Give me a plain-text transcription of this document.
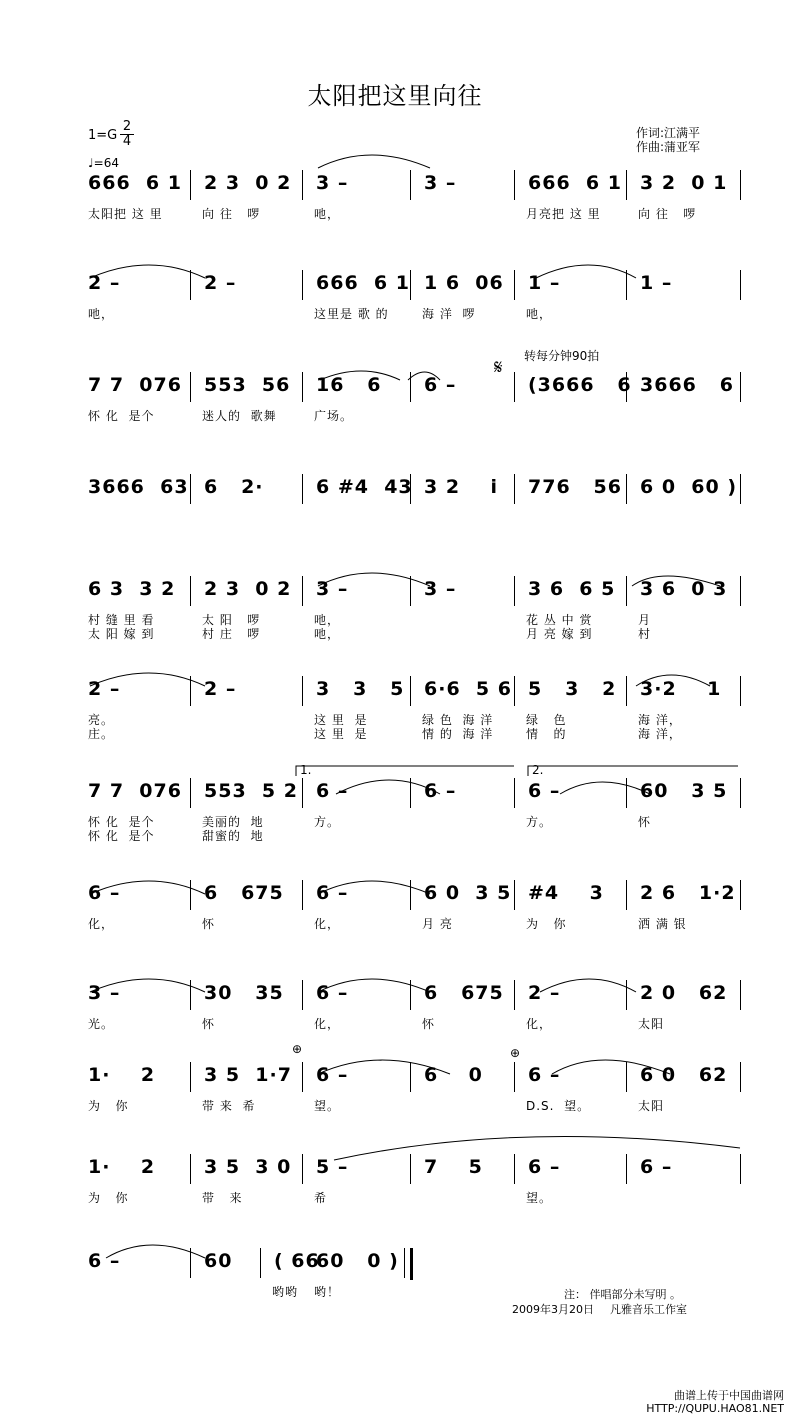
太阳把这里向往
1=G
2
4
♩=64
作词:江满平
作曲:蒲亚军
转每分钟90拍
𝄋
666  6 1 2 3  0 2 3 –	3 –	666  6 1 3 2  0 1
太阳把 这 里	向 往   啰	吔，	月亮把 这 里	向 往   啰
2 –	2 –	666  6 1 1 6  06 1 –	1 –
吔，	这里是 歌 的	海 洋  啰	吔，
7 7  076 553  56 16   6 6 –	(3666   6 3666   6
怀 化  是个	迷人的  歌舞	广场。
3666  63 6   2·	6 #4  43 3 2    i 776   56 6 0  60 )
6 3  3 2 2 3  0 2 3 –	3 –	3 6  6 5 3 6  0 3
村 缝 里 看	太 阳   啰	吔，	花 丛 中 赏	月
太 阳 嫁 到	村 庄   啰	吔，	月 亮 嫁 到	村
2 –	2 –	3   3   5 6·6  5 6 5   3   2 3·2    1
亮。	这 里  是	绿 色  海 洋	绿   色	海 洋，
庄。	这 里  是	情 的  海 洋	情   的	海 洋，
7 7  076 553  5 2 6 –	6 –	6 –	60   3 5
怀 化  是个	美丽的  地	方。	方。	怀
怀 化  是个	甜蜜的  地
6 –	6   675 6 –	6 0  3 5 #4    3 2 6   1·2
化，	怀	化，	月 亮	为   你	洒 满 银
3 –	30   35 6 –	6   675 2 –	2 0   62
光。	怀	化，	怀	化，	太阳
1·    2	3 5  1·7 6 –	6    0 6 –	6 0   62
为   你	带 来  希	望。	D.S.  望。	太阳
1·    2	3 5  3 0 5 –	7    5 6 –	6 –
为   你	带   来	希	望。
6 –	60 ( 66
60   0 )
哟哟 哟！
2.
1.
⊕	⊕
注： 伴唱部分未写明 。
2009年3月20日 凡雅音乐工作室
曲谱上传于中国曲谱网
HTTP://QUPU.HAO81.NET
